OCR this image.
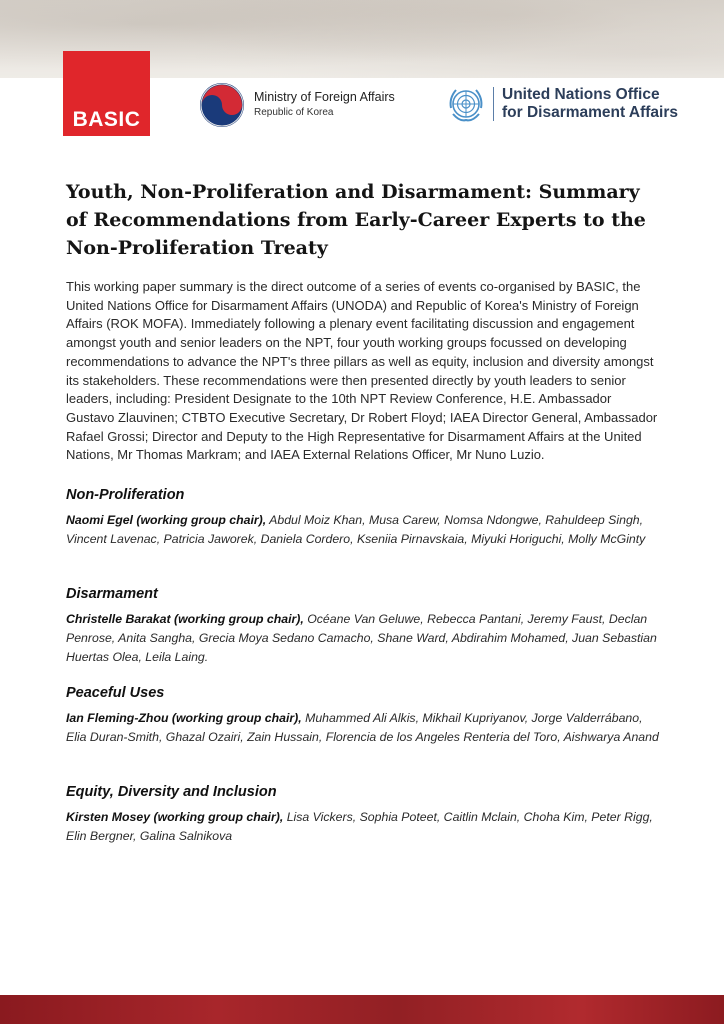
BASIC
Ministry of Foreign Affairs
Republic of Korea
United Nations Office
for Disarmament Affairs
Youth, Non-Proliferation and Disarmament: Summary of Recommendations from Early-Career Experts to the Non-Proliferation Treaty
This working paper summary is the direct outcome of a series of events co-organised by BASIC, the United Nations Office for Disarmament Affairs (UNODA) and Republic of Korea's Ministry of Foreign Affairs (ROK MOFA). Immediately following a plenary event facilitating discussion and engagement amongst youth and senior leaders on the NPT, four youth working groups focussed on developing recommendations to advance the NPT's three pillars as well as equity, inclusion and diversity amongst its stakeholders. These recommendations were then presented directly by youth leaders to senior leaders, including: President Designate to the 10th NPT Review Conference, H.E. Ambassador Gustavo Zlauvinen; CTBTO Executive Secretary, Dr Robert Floyd; IAEA Director General, Ambassador Rafael Grossi; Director and Deputy to the High Representative for Disarmament Affairs at the United Nations, Mr Thomas Markram; and IAEA External Relations Officer, Mr Nuno Luzio.
Non-Proliferation

Naomi Egel (working group chair), Abdul Moiz Khan, Musa Carew, Nomsa Ndongwe, Rahuldeep Singh, Vincent Lavenac, Patricia Jaworek, Daniela Cordero, Kseniia Pirnavskaia, Miyuki Horiguchi, Molly McGinty

Disarmament

Christelle Barakat (working group chair), Océane Van Geluwe, Rebecca Pantani, Jeremy Faust, Declan Penrose, Anita Sangha, Grecia Moya Sedano Camacho, Shane Ward, Abdirahim Mohamed, Juan Sebastian Huertas Olea, Leila Laing.

Peaceful Uses

Ian Fleming-Zhou (working group chair), Muhammed Ali Alkis, Mikhail Kupriyanov, Jorge Valderrábano, Elia Duran-Smith, Ghazal Ozairi, Zain Hussain, Florencia de los Angeles Renteria del Toro, Aishwarya Anand

Equity, Diversity and Inclusion

Kirsten Mosey (working group chair), Lisa Vickers, Sophia Poteet, Caitlin Mclain, Choha Kim, Peter Rigg, Elin Bergner, Galina Salnikova
